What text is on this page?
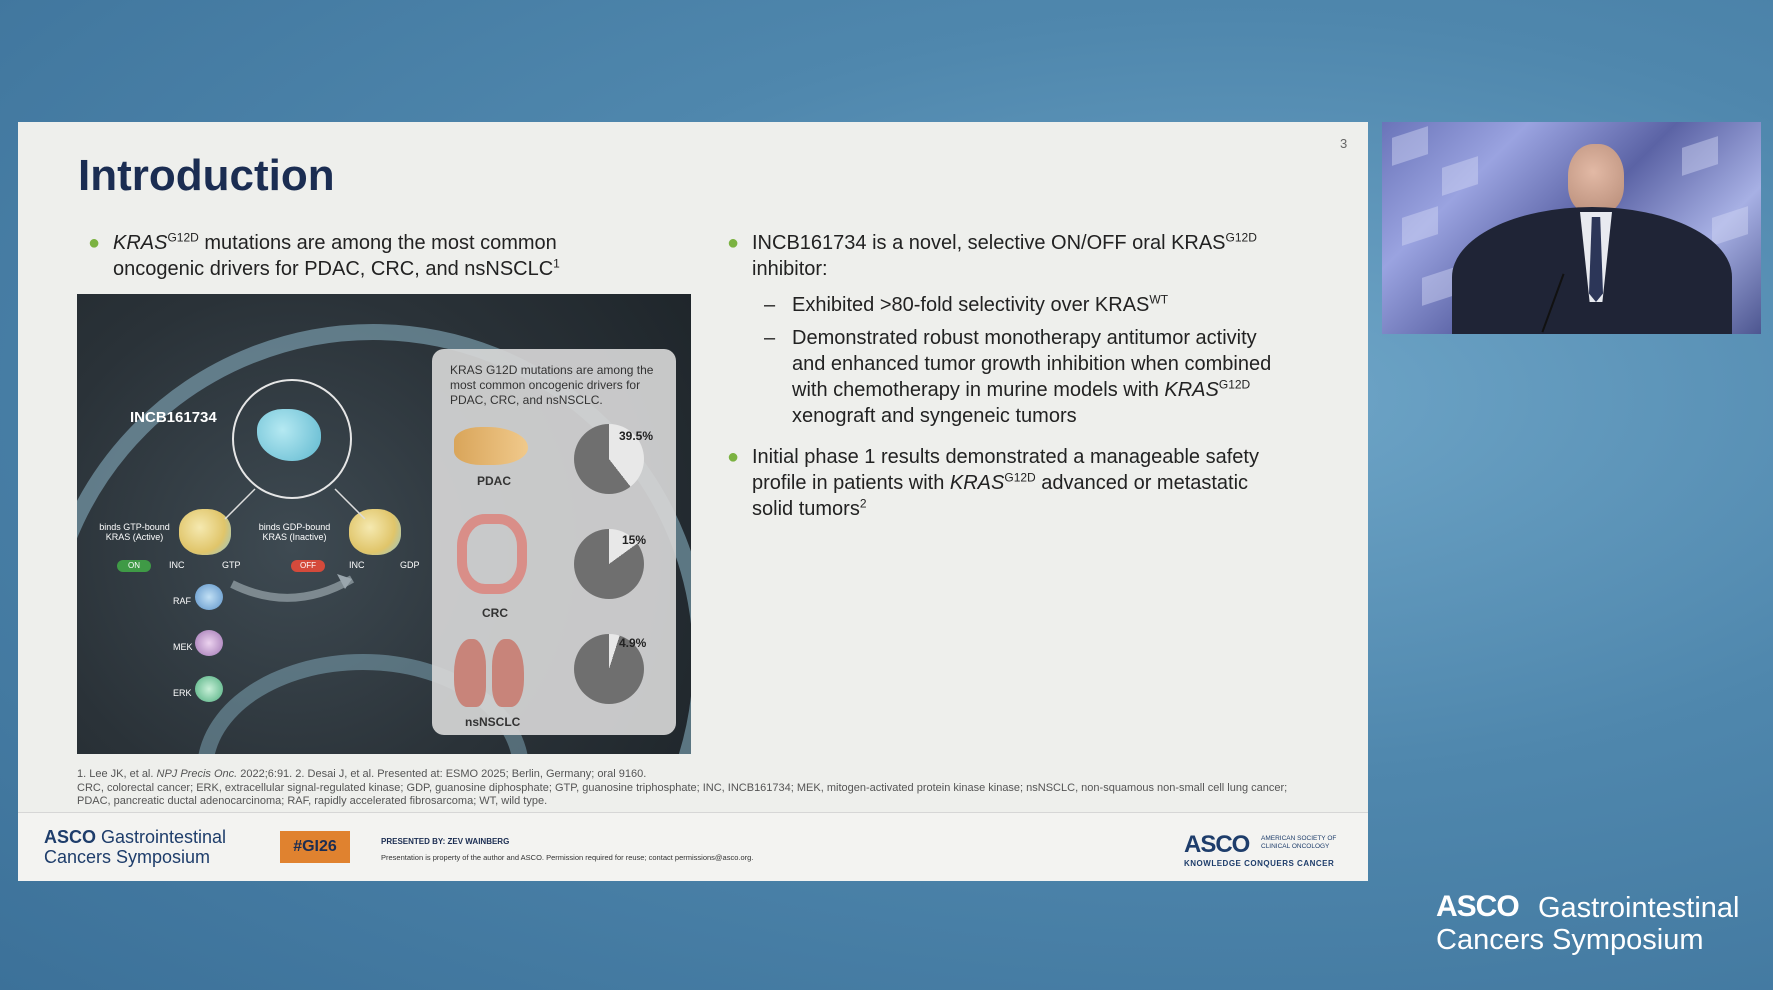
Introduction
3
● $KRAS^{G12D}$ mutations are among the most common
oncogenic drivers for PDAC, CRC, and nsNSCLC$^1$
INCB161734
binds GTP-bound KRAS (Active)
binds GDP-bound KRAS (Inactive)
ON	OFF
INC	GTP	INC	GDP
RAF
MEK
ERK
KRAS G12D mutations are among the most common oncogenic drivers for PDAC, CRC, and nsNSCLC.
PDAC
39.5%
CRC
15%
nsNSCLC
4.9%
● INCB161734 is a novel, selective ON/OFF oral $KRAS^{G12D}$
inhibitor:
– Exhibited >80-fold selectivity over $KRAS^{WT}$
– Demonstrated robust monotherapy antitumor activity
and enhanced tumor growth inhibition when combined
with chemotherapy in murine models with $KRAS^{G12D}$
xenograft and syngeneic tumors
● Initial phase 1 results demonstrated a manageable safety
profile in patients with $KRAS^{G12D}$ advanced or metastatic
solid tumors$^2$
1. Lee JK, et al. NPJ Precis Onc. 2022;6:91. 2. Desai J, et al. Presented at: ESMO 2025; Berlin, Germany; oral 9160.
CRC, colorectal cancer; ERK, extracellular signal-regulated kinase; GDP, guanosine diphosphate; GTP, guanosine triphosphate; INC, INCB161734; MEK, mitogen-activated protein kinase kinase; nsNSCLC, non-squamous non-small cell lung cancer;
PDAC, pancreatic ductal adenocarcinoma; RAF, rapidly accelerated fibrosarcoma; WT, wild type.
ASCO Gastrointestinal
Cancers Symposium
#GI26	PRESENTED BY: ZEV WAINBERG
Presentation is property of the author and ASCO. Permission required for reuse; contact permissions@asco.org.	ASCO AMERICAN SOCIETY OF CLINICAL ONCOLOGY
KNOWLEDGE CONQUERS CANCER
ASCO Gastrointestinal
Cancers Symposium
